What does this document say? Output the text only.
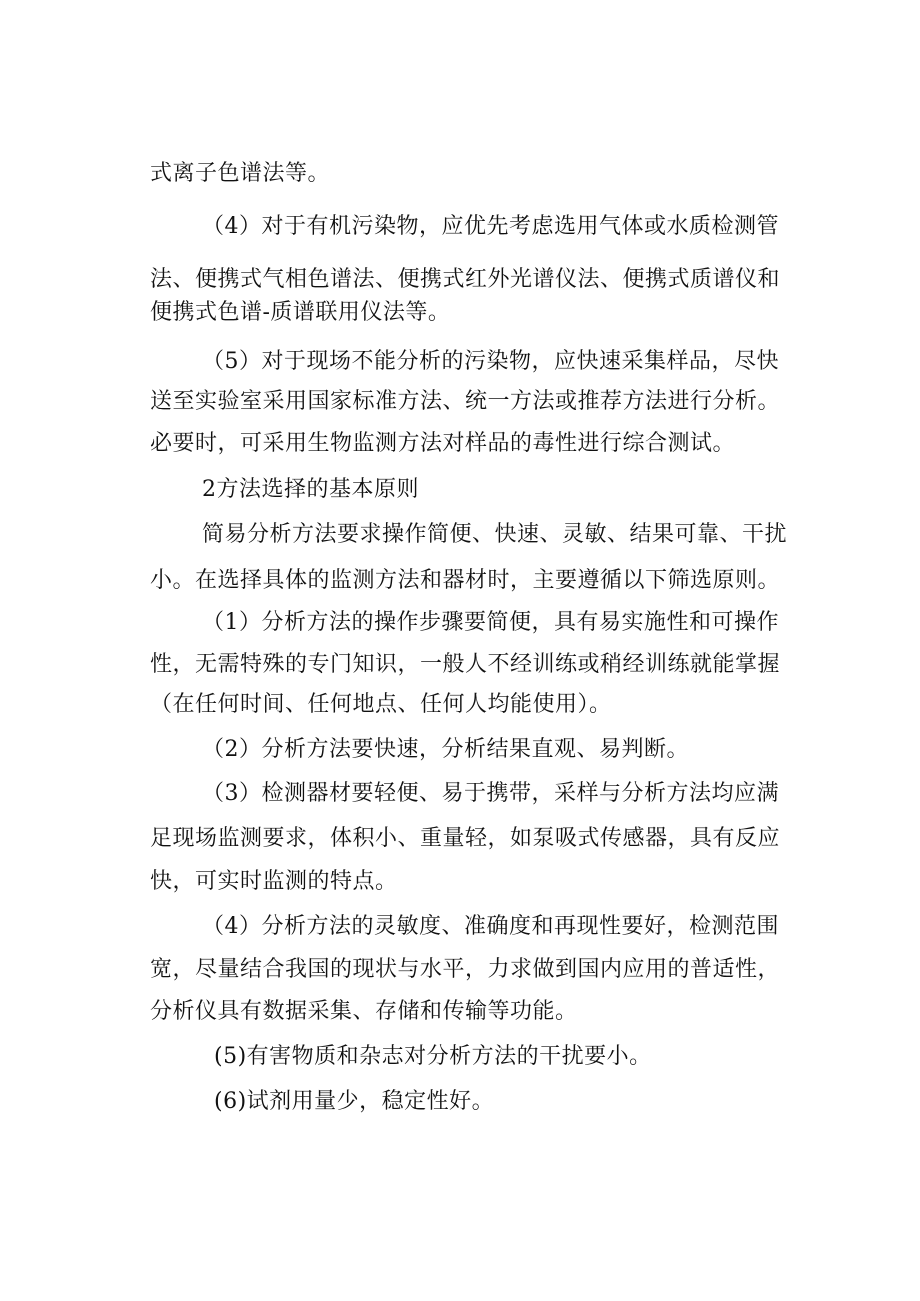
式离子色谱法等。
（4）对于有机污染物，应优先考虑选用气体或水质检测管
法、便携式气相色谱法、便携式红外光谱仪法、便携式质谱仪和
便携式色谱-质谱联用仪法等。
（5）对于现场不能分析的污染物，应快速采集样品，尽快
送至实验室采用国家标准方法、统一方法或推荐方法进行分析。
必要时，可采用生物监测方法对样品的毒性进行综合测试。
2方法选择的基本原则
简易分析方法要求操作简便、快速、灵敏、结果可靠、干扰
小。在选择具体的监测方法和器材时，主要遵循以下筛选原则。
（1）分析方法的操作步骤要简便，具有易实施性和可操作
性，无需特殊的专门知识，一般人不经训练或稍经训练就能掌握
（在任何时间、任何地点、任何人均能使用）。
（2）分析方法要快速，分析结果直观、易判断。
（3）检测器材要轻便、易于携带，采样与分析方法均应满
足现场监测要求，体积小、重量轻，如泵吸式传感器，具有反应
快，可实时监测的特点。
（4）分析方法的灵敏度、准确度和再现性要好，检测范围
宽，尽量结合我国的现状与水平，力求做到国内应用的普适性，
分析仪具有数据采集、存储和传输等功能。
(5)有害物质和杂志对分析方法的干扰要小。
(6)试剂用量少，稳定性好。
